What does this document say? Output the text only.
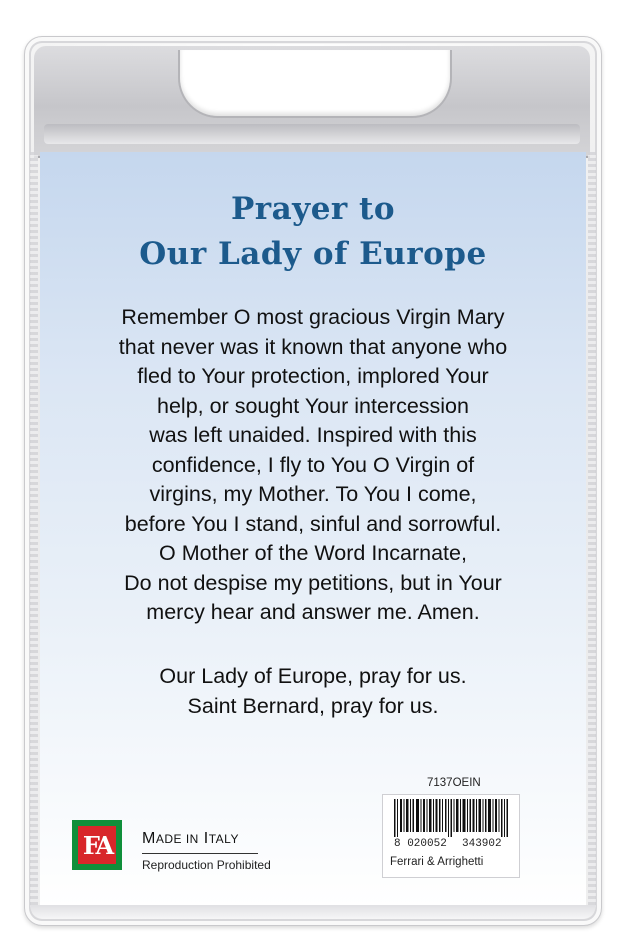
Prayer to
Our Lady of Europe
Remember O most gracious Virgin Mary
that never was it known that anyone who
fled to Your protection, implored Your
help, or sought Your intercession
was left unaided. Inspired with this
confidence, I fly to You O Virgin of
virgins, my Mother. To You I come,
before You I stand, sinful and sorrowful.
O Mother of the Word Incarnate,
Do not despise my petitions, but in Your
mercy hear and answer me. Amen.
Our Lady of Europe, pray for us.
Saint Bernard, pray for us.
FA	MADE IN ITALY
Reproduction Prohibited
7137OEIN
8 020052 343902
Ferrari & Arrighetti
